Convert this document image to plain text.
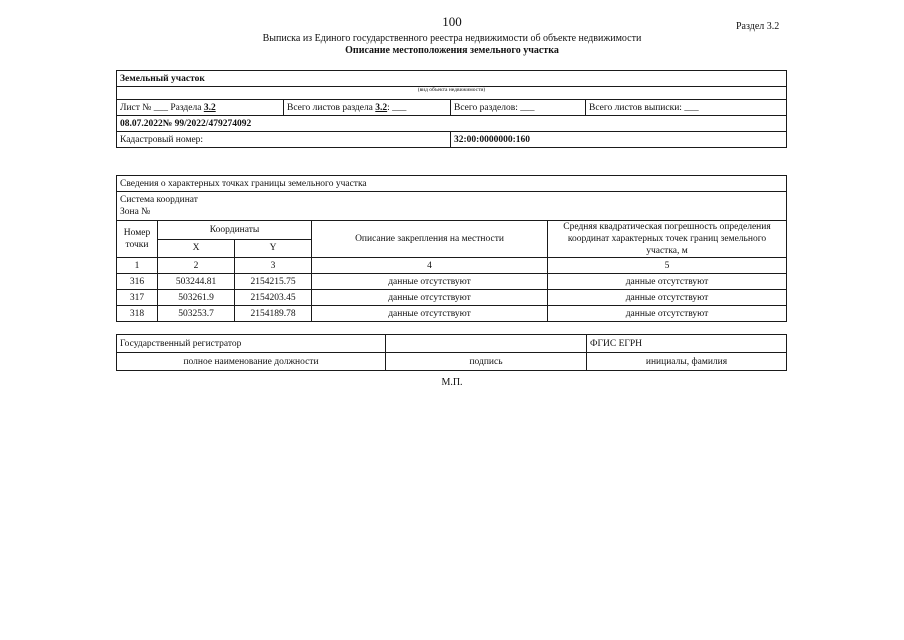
100	Раздел 3.2
Выписка из Единого государственного реестра недвижимости об объекте недвижимости
Описание местоположения земельного участка
Земельный участок			
(вид объекта недвижимости)			
Лист № ___ Раздела 3.2	Всего листов раздела 3.2: ___	Всего разделов: ___	Всего листов выписки: ___
08.07.2022№ 99/2022/479274092			
Кадастровый номер:		32:00:0000000:160	
Сведения о характерных точках границы земельного участка				

Система координат
Зона №				

Номер точки	Координаты		Описание закрепления на местности	Средняя квадратическая погрешность определения координат характерных точек границ земельного участка, м
	X	Y		
1	2	3	4	5
316	503244.81	2154215.75	данные отсутствуют	данные отсутствуют
317	503261.9	2154203.45	данные отсутствуют	данные отсутствуют
318	503253.7	2154189.78	данные отсутствуют	данные отсутствуют
Государственный регистратор		ФГИС ЕГРН
полное наименование должности	подпись	инициалы, фамилия
М.П.
